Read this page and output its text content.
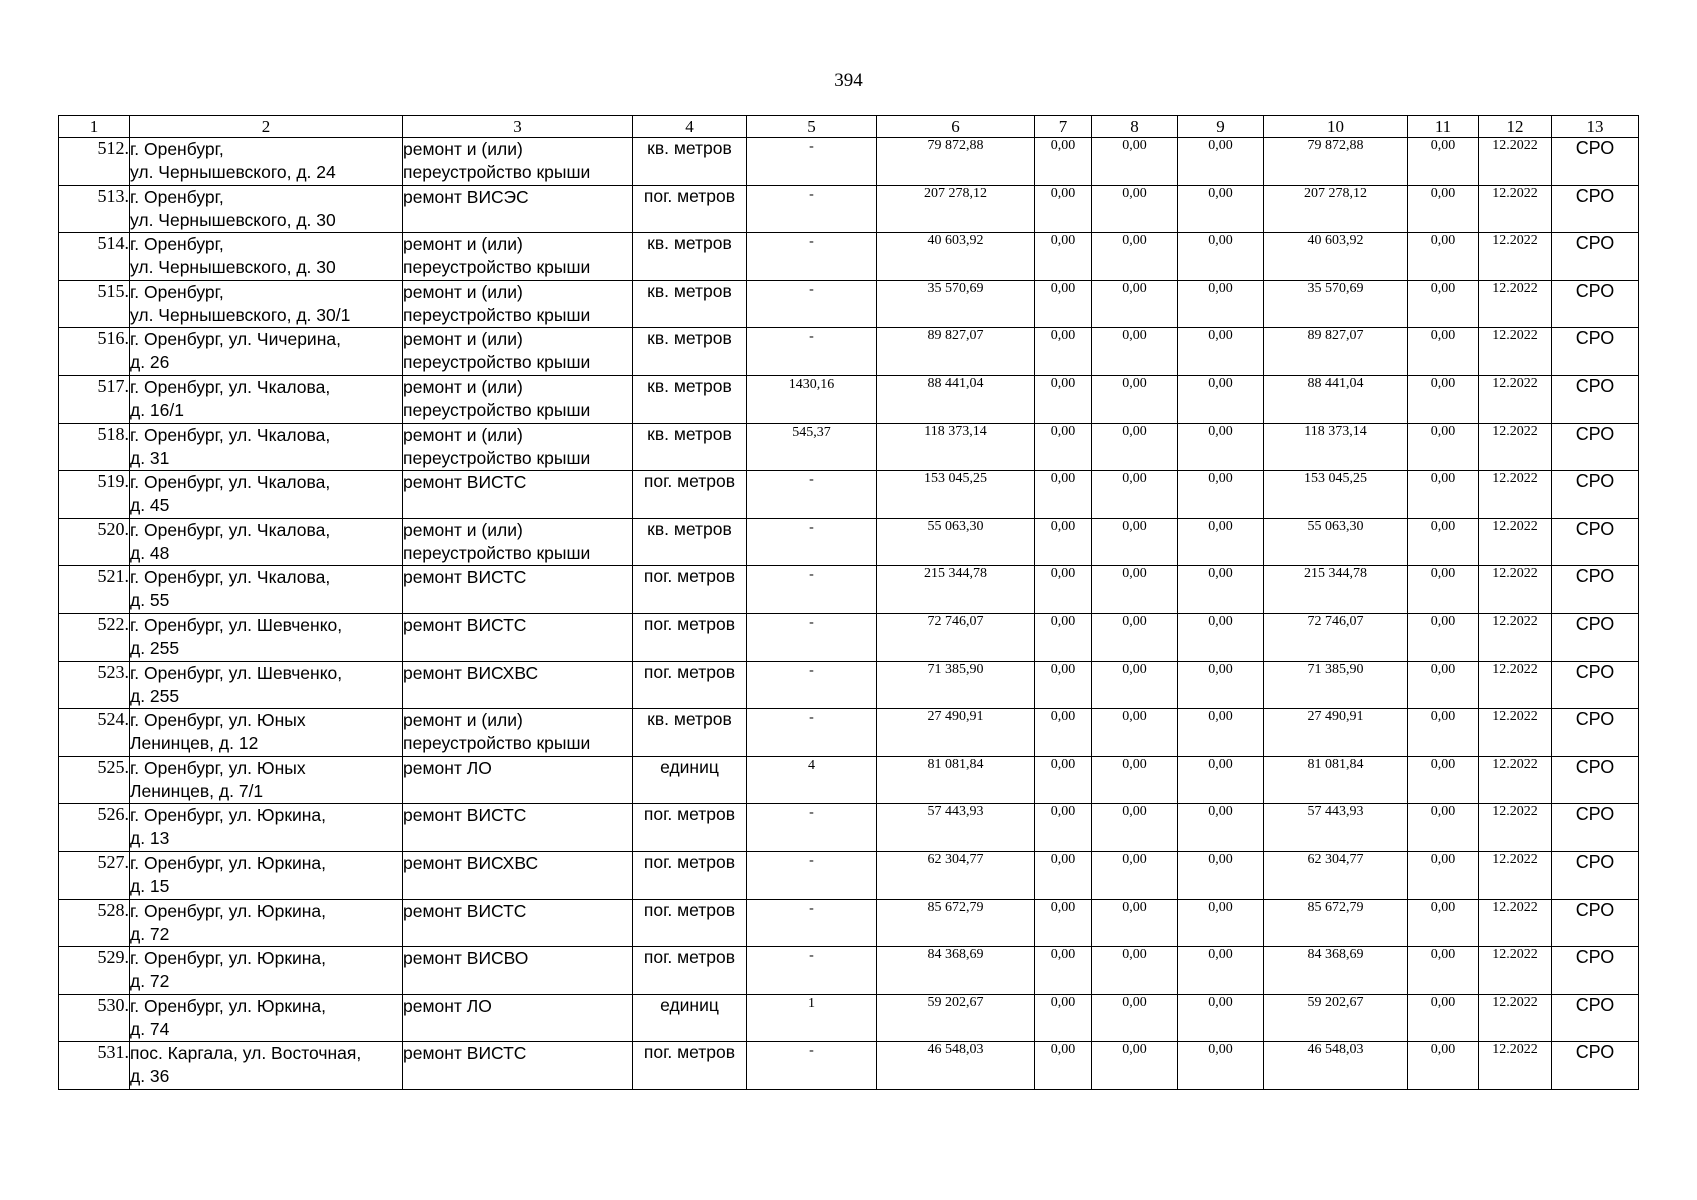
394
1	2	3	4	5	6	7	8	9	10	11	12	13
512.	г. Оренбург,
ул. Чернышевского, д. 24	ремонт и (или)
переустройство крыши	кв. метров	-	79 872,88	0,00	0,00	0,00	79 872,88	0,00	12.2022	СРО
513.	г. Оренбург,
ул. Чернышевского, д. 30	ремонт ВИСЭС	пог. метров	-	207 278,12	0,00	0,00	0,00	207 278,12	0,00	12.2022	СРО
514.	г. Оренбург,
ул. Чернышевского, д. 30	ремонт и (или)
переустройство крыши	кв. метров	-	40 603,92	0,00	0,00	0,00	40 603,92	0,00	12.2022	СРО
515.	г. Оренбург,
ул. Чернышевского, д. 30/1	ремонт и (или)
переустройство крыши	кв. метров	-	35 570,69	0,00	0,00	0,00	35 570,69	0,00	12.2022	СРО
516.	г. Оренбург, ул. Чичерина,
д. 26	ремонт и (или)
переустройство крыши	кв. метров	-	89 827,07	0,00	0,00	0,00	89 827,07	0,00	12.2022	СРО
517.	г. Оренбург, ул. Чкалова,
д. 16/1	ремонт и (или)
переустройство крыши	кв. метров	1430,16	88 441,04	0,00	0,00	0,00	88 441,04	0,00	12.2022	СРО
518.	г. Оренбург, ул. Чкалова,
д. 31	ремонт и (или)
переустройство крыши	кв. метров	545,37	118 373,14	0,00	0,00	0,00	118 373,14	0,00	12.2022	СРО
519.	г. Оренбург, ул. Чкалова,
д. 45	ремонт ВИСТС	пог. метров	-	153 045,25	0,00	0,00	0,00	153 045,25	0,00	12.2022	СРО
520.	г. Оренбург, ул. Чкалова,
д. 48	ремонт и (или)
переустройство крыши	кв. метров	-	55 063,30	0,00	0,00	0,00	55 063,30	0,00	12.2022	СРО
521.	г. Оренбург, ул. Чкалова,
д. 55	ремонт ВИСТС	пог. метров	-	215 344,78	0,00	0,00	0,00	215 344,78	0,00	12.2022	СРО
522.	г. Оренбург, ул. Шевченко,
д. 255	ремонт ВИСТС	пог. метров	-	72 746,07	0,00	0,00	0,00	72 746,07	0,00	12.2022	СРО
523.	г. Оренбург, ул. Шевченко,
д. 255	ремонт ВИСХВС	пог. метров	-	71 385,90	0,00	0,00	0,00	71 385,90	0,00	12.2022	СРО
524.	г. Оренбург, ул. Юных
Ленинцев, д. 12	ремонт и (или)
переустройство крыши	кв. метров	-	27 490,91	0,00	0,00	0,00	27 490,91	0,00	12.2022	СРО
525.	г. Оренбург, ул. Юных
Ленинцев, д. 7/1	ремонт ЛО	единиц	4	81 081,84	0,00	0,00	0,00	81 081,84	0,00	12.2022	СРО
526.	г. Оренбург, ул. Юркина,
д. 13	ремонт ВИСТС	пог. метров	-	57 443,93	0,00	0,00	0,00	57 443,93	0,00	12.2022	СРО
527.	г. Оренбург, ул. Юркина,
д. 15	ремонт ВИСХВС	пог. метров	-	62 304,77	0,00	0,00	0,00	62 304,77	0,00	12.2022	СРО
528.	г. Оренбург, ул. Юркина,
д. 72	ремонт ВИСТС	пог. метров	-	85 672,79	0,00	0,00	0,00	85 672,79	0,00	12.2022	СРО
529.	г. Оренбург, ул. Юркина,
д. 72	ремонт ВИСВО	пог. метров	-	84 368,69	0,00	0,00	0,00	84 368,69	0,00	12.2022	СРО
530.	г. Оренбург, ул. Юркина,
д. 74	ремонт ЛО	единиц	1	59 202,67	0,00	0,00	0,00	59 202,67	0,00	12.2022	СРО
531.	пос. Каргала, ул. Восточная,
д. 36	ремонт ВИСТС	пог. метров	-	46 548,03	0,00	0,00	0,00	46 548,03	0,00	12.2022	СРО
